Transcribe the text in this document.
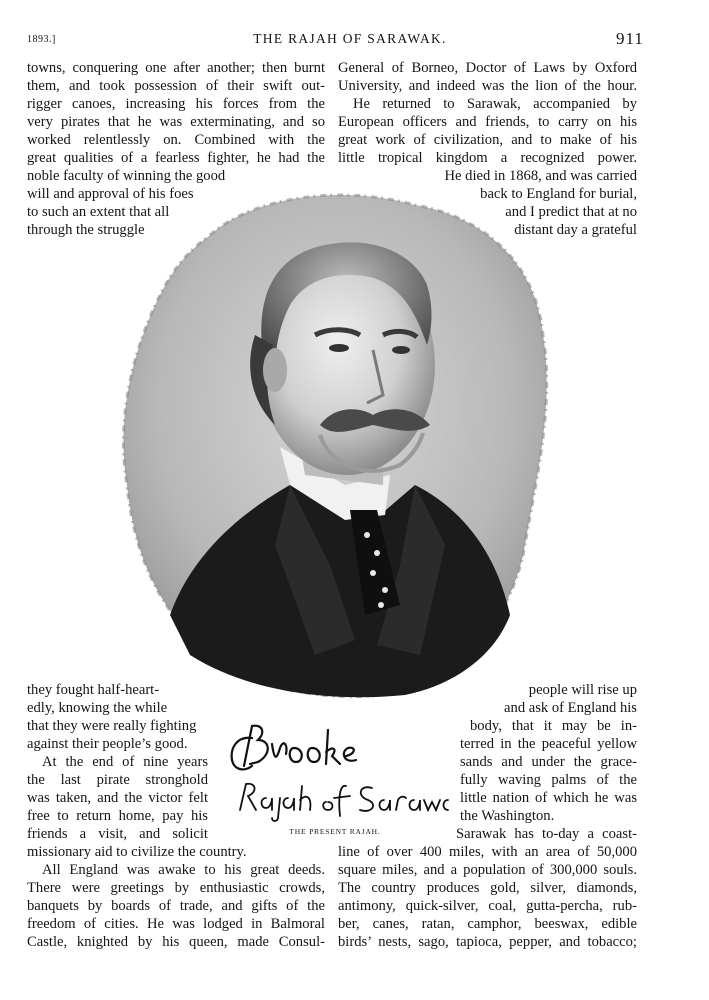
1893.]	THE RAJAH OF SARAWAK.	911
towns, conquering one after another; then burnt
them, and took possession of their swift out-
rigger canoes, increasing his forces from the
very pirates that he was exterminating, and so
worked relentlessly on. Combined with the
great qualities of a fearless fighter, he had the
noble faculty of winning the good
will and approval of his foes
to such an extent that all
through the struggle
General of Borneo, Doctor of Laws by Oxford
University, and indeed was the lion of the hour.
He returned to Sarawak, accompanied by
European officers and friends, to carry on his
great work of civilization, and to make of his
little tropical kingdom a recognized power.
He died in 1868, and was carried
back to England for burial,
and I predict that at no
distant day a grateful
they fought half-heart-
edly, knowing the while
that they were really fighting
against their people’s good.
At the end of nine years
the last pirate stronghold
was taken, and the victor felt
free to return home, pay his
friends a visit, and solicit
missionary aid to civilize the country.
All England was awake to his great deeds.
There were greetings by enthusiastic crowds,
banquets by boards of trade, and gifts of the
freedom of cities. He was lodged in Balmoral
Castle, knighted by his queen, made Consul-
people will rise up
and ask of England his
body, that it may be in-
terred in the peaceful yellow
sands and under the grace-
fully waving palms of the
little nation of which he was
the Washington.
Sarawak has to-day a coast-
line of over 400 miles, with an area of 50,000
square miles, and a population of 300,000 souls.
The country produces gold, silver, diamonds,
antimony, quick-silver, coal, gutta-percha, rub-
ber, canes, ratan, camphor, beeswax, edible
birds’ nests, sago, tapioca, pepper, and tobacco;
THE PRESENT RAJAH.
